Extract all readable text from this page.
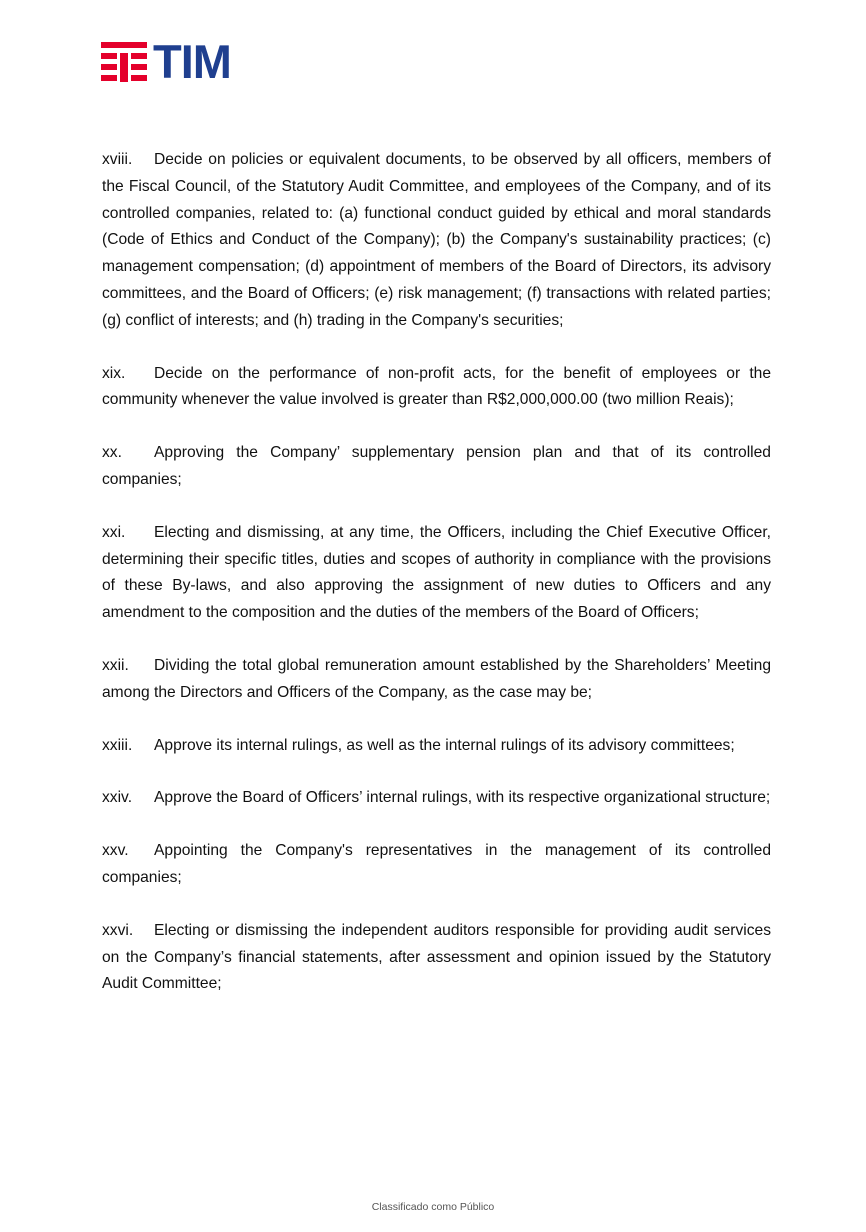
TIM

xviii. Decide on policies or equivalent documents, to be observed by all officers, members of the Fiscal Council, of the Statutory Audit Committee, and employees of the Company, and of its controlled companies, related to: (a) functional conduct guided by ethical and moral standards (Code of Ethics and Conduct of the Company); (b) the Company's sustainability practices; (c) management compensation; (d) appointment of members of the Board of Directors, its advisory committees, and the Board of Officers; (e) risk management; (f) transactions with related parties; (g) conflict of interests; and (h) trading in the Company's securities;

xix. Decide on the performance of non-profit acts, for the benefit of employees or the community whenever the value involved is greater than R$2,000,000.00 (two million Reais);

xx. Approving the Company’ supplementary pension plan and that of its controlled companies;

xxi. Electing and dismissing, at any time, the Officers, including the Chief Executive Officer, determining their specific titles, duties and scopes of authority in compliance with the provisions of these By-laws, and also approving the assignment of new duties to Officers and any amendment to the composition and the duties of the members of the Board of Officers;

xxii. Dividing the total global remuneration amount established by the Shareholders’ Meeting among the Directors and Officers of the Company, as the case may be;

xxiii. Approve its internal rulings, as well as the internal rulings of its advisory committees;

xxiv. Approve the Board of Officers’ internal rulings, with its respective organizational structure;

xxv. Appointing the Company's representatives in the management of its controlled companies;

xxvi. Electing or dismissing the independent auditors responsible for providing audit services on the Company’s financial statements, after assessment and opinion issued by the Statutory Audit Committee;

Classificado como Público
